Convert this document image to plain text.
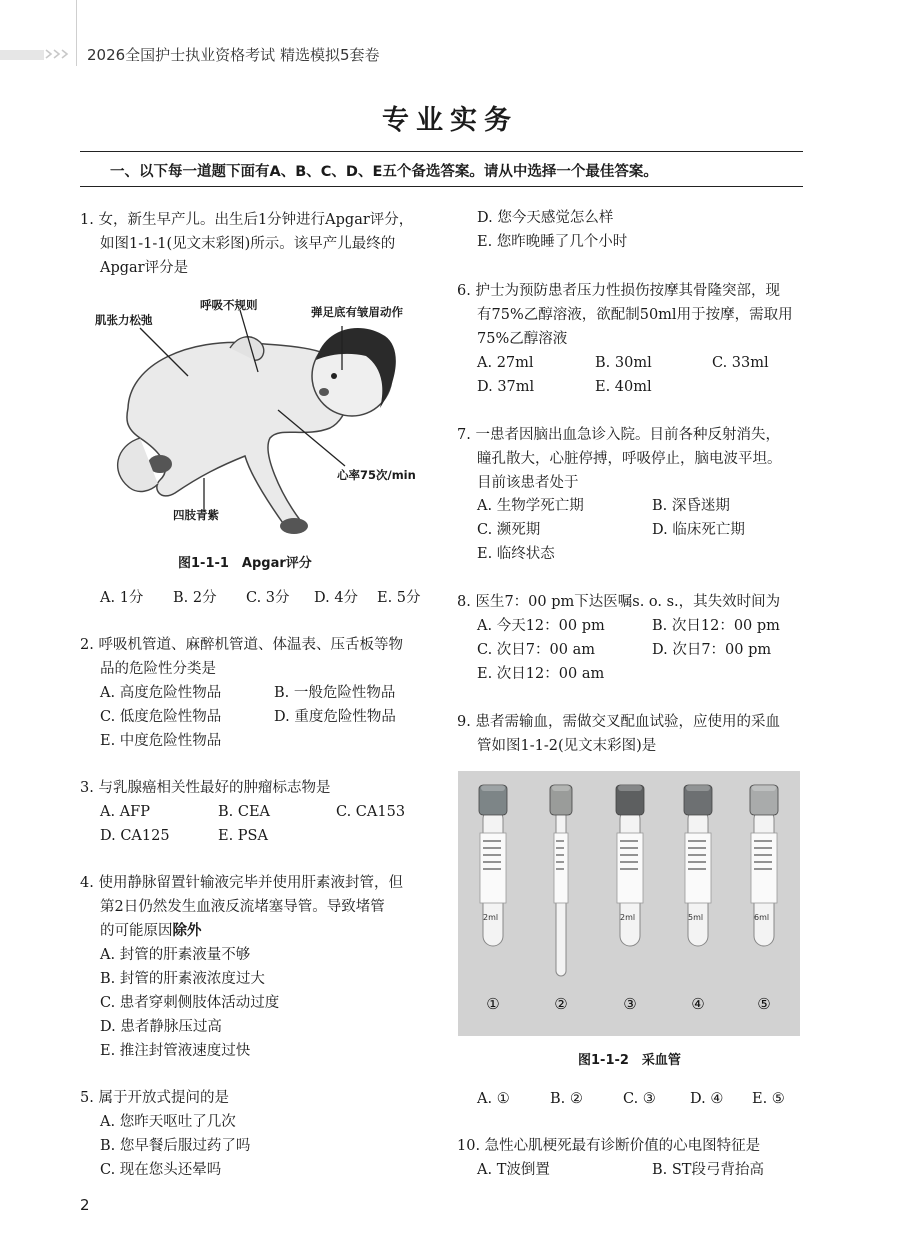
2026全国护士执业资格考试 精选模拟5套卷
专业实务
一、以下每一道题下面有A、B、C、D、E五个备选答案。请从中选择一个最佳答案。
1. 女，新生早产儿。出生后1分钟进行Apgar评分，
如图1-1-1(见文末彩图)所示。该早产儿最终的
Apgar评分是
肌张力松弛
呼吸不规则	弹足底有皱眉动作
心率75次/min
四肢青紫
图1-1-1　Apgar评分
A. 1分 B. 2分 C. 3分 D. 4分 E. 5分
2. 呼吸机管道、麻醉机管道、体温表、压舌板等物
品的危险性分类是
A. 高度危险性物品	B. 一般危险性物品
C. 低度危险性物品	D. 重度危险性物品
E. 中度危险性物品
3. 与乳腺癌相关性最好的肿瘤标志物是
A. AFP	B. CEA	C. CA153
D. CA125	E. PSA
4. 使用静脉留置针输液完毕并使用肝素液封管，但
第2日仍然发生血液反流堵塞导管。导致堵管
的可能原因除外
A. 封管的肝素液量不够
B. 封管的肝素液浓度过大
C. 患者穿刺侧肢体活动过度
D. 患者静脉压过高
E. 推注封管液速度过快
5. 属于开放式提问的是
A. 您昨天呕吐了几次
B. 您早餐后服过药了吗
C. 现在您头还晕吗
D. 您今天感觉怎么样
E. 您昨晚睡了几个小时
6. 护士为预防患者压力性损伤按摩其骨隆突部，现
有75%乙醇溶液，欲配制50ml用于按摩，需取用
75%乙醇溶液
A. 27ml	B. 30ml	C. 33ml
D. 37ml	E. 40ml
7. 一患者因脑出血急诊入院。目前各种反射消失，
瞳孔散大，心脏停搏，呼吸停止，脑电波平坦。
目前该患者处于
A. 生物学死亡期	B. 深昏迷期
C. 濒死期	D. 临床死亡期
E. 临终状态
8. 医生7：00 pm下达医嘱s. o. s.，其失效时间为
A. 今天12：00 pm	B. 次日12：00 pm
C. 次日7：00 am	D. 次日7：00 pm
E. 次日12：00 am
9. 患者需输血，需做交叉配血试验，应使用的采血
管如图1-1-2(见文末彩图)是
2ml
①	②
2ml
③
5ml
④
6ml
⑤
图1-1-2　采血管
A. ①	B. ②	C. ③ D. ④ E. ⑤
10. 急性心肌梗死最有诊断价值的心电图特征是
A. T波倒置	B. ST段弓背抬高
2
